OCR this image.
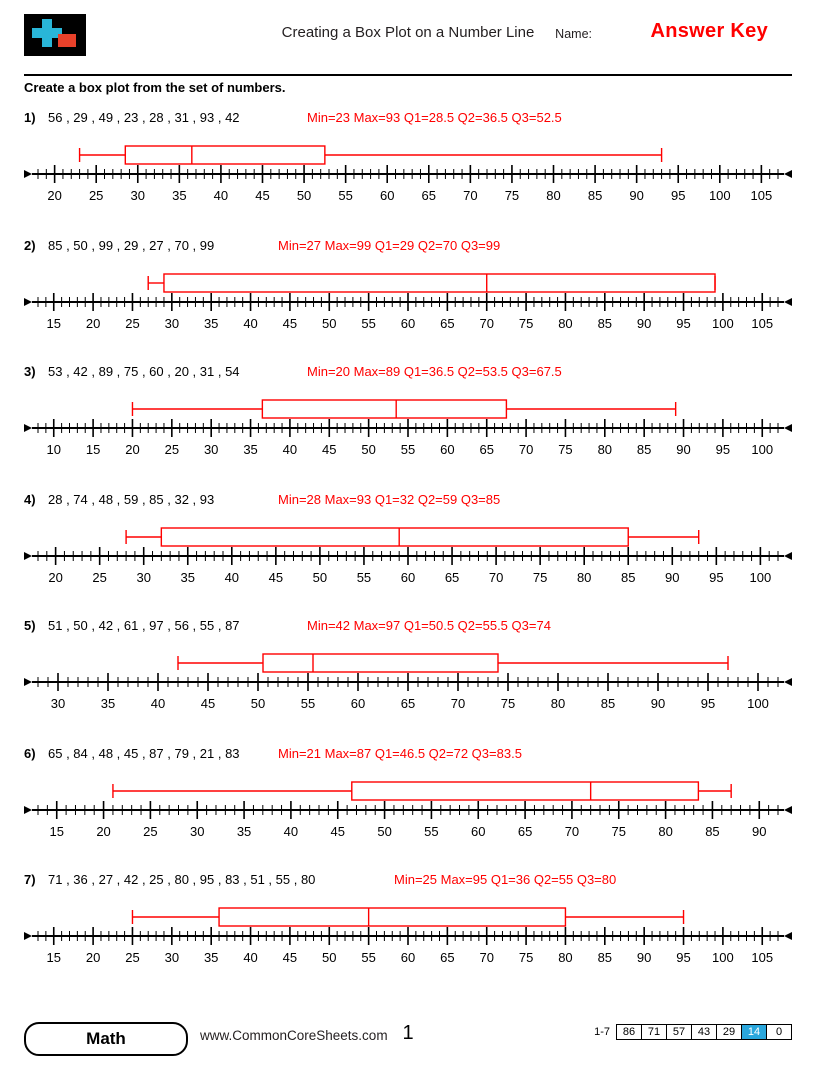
Creating a Box Plot on a Number Line	Name:	Answer Key
Create a box plot from the set of numbers.
1) 56 , 29 , 49 , 23 , 28 , 31 , 93 , 42	Min=23 Max=93 Q1=28.5 Q2=36.5 Q3=52.5
20 25 30 35 40 45 50 55 60 65 70 75 80 85 90 95 100 105
2) 85 , 50 , 99 , 29 , 27 , 70 , 99	Min=27 Max=99 Q1=29 Q2=70 Q3=99
15 20 25 30 35 40 45 50 55 60 65 70 75 80 85 90 95 100 105
3) 53 , 42 , 89 , 75 , 60 , 20 , 31 , 54	Min=20 Max=89 Q1=36.5 Q2=53.5 Q3=67.5
10 15 20 25 30 35 40 45 50 55 60 65 70 75 80 85 90 95 100
4) 28 , 74 , 48 , 59 , 85 , 32 , 93	Min=28 Max=93 Q1=32 Q2=59 Q3=85
20 25 30 35 40 45 50 55 60 65 70 75 80 85 90 95 100
5) 51 , 50 , 42 , 61 , 97 , 56 , 55 , 87	Min=42 Max=97 Q1=50.5 Q2=55.5 Q3=74
30	35	40	45	50	55	60	65	70	75	80	85	90	95 100
6) 65 , 84 , 48 , 45 , 87 , 79 , 21 , 83	Min=21 Max=87 Q1=46.5 Q2=72 Q3=83.5
15 20 25 30 35 40 45 50 55 60 65 70 75 80 85 90
7) 71 , 36 , 27 , 42 , 25 , 80 , 95 , 83 , 51 , 55 , 80	Min=25 Max=95 Q1=36 Q2=55 Q3=80
15 20 25 30 35 40 45 50 55 60 65 70 75 80 85 90 95 100 105
Math	www.CommonCoreSheets.com 1	1-7	86	71	57	43	29	14	0
